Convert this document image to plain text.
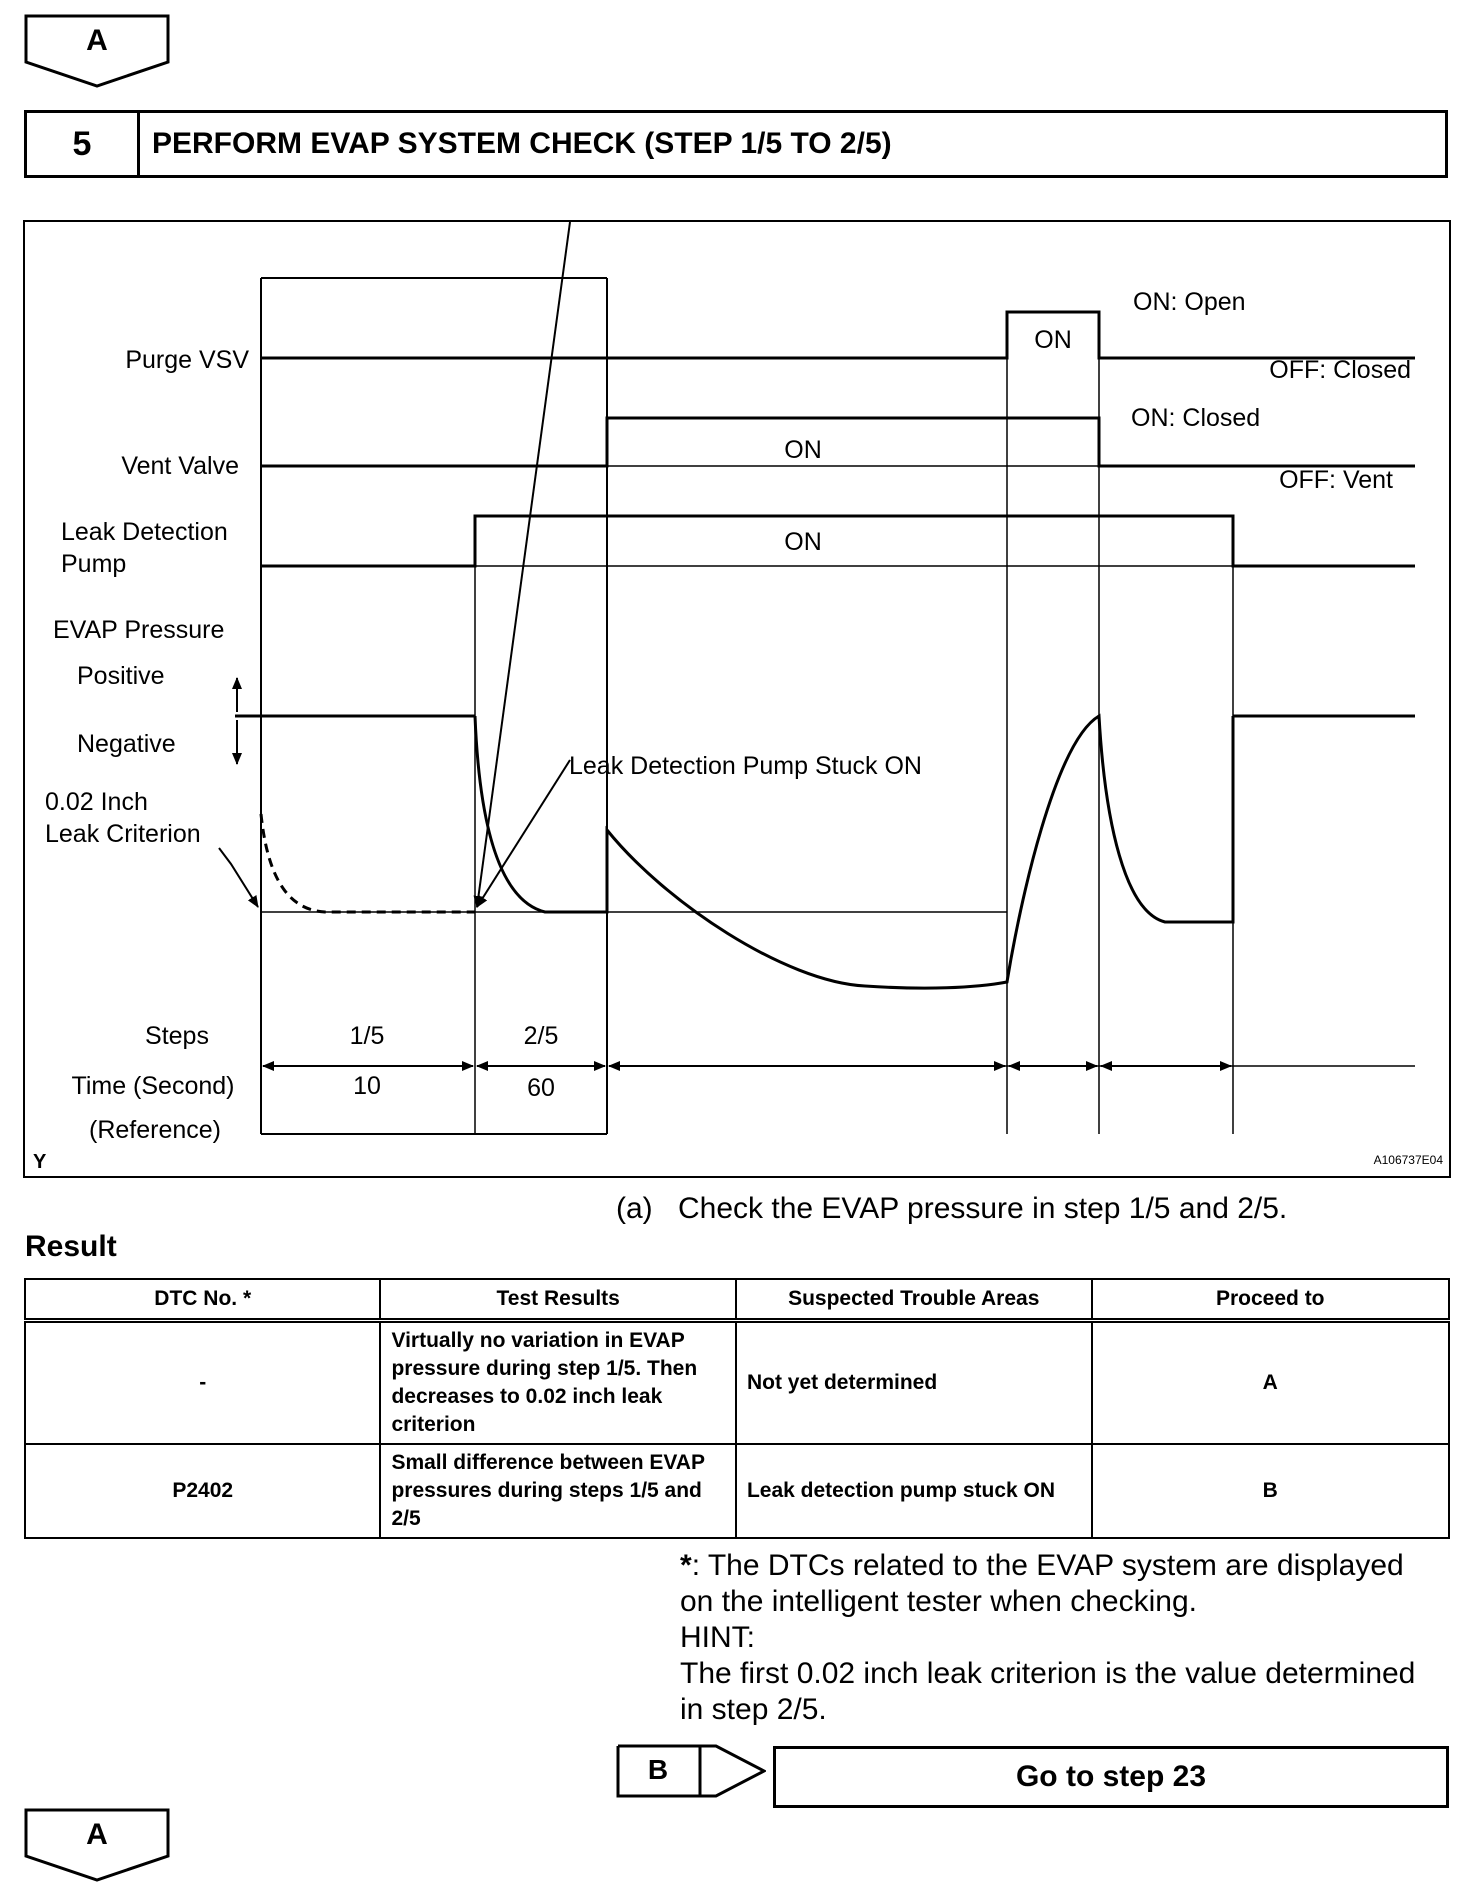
A
5	PERFORM EVAP SYSTEM CHECK (STEP 1/5 TO 2/5)
Purge VSV
Vent Valve
Leak Detection
Pump
EVAP Pressure
Positive
Negative
0.02 Inch
Leak Criterion
Steps
Time (Second)
(Reference)
ON
ON
ON
ON: Open
OFF: Closed
ON: Closed
OFF: Vent
Leak Detection Pump Stuck ON
1/5	2/5
10	60
Y	A106737E04
(a) Check the EVAP pressure in step 1/5 and 2/5.
Result
DTC No. *	Test Results	Suspected Trouble Areas	Proceed to
-	Virtually no variation in EVAP pressure during step 1/5. Then decreases to 0.02 inch leak criterion	Not yet determined	A
P2402	Small difference between EVAP pressures during steps 1/5 and 2/5	Leak detection pump stuck ON	B
*: The DTCs related to the EVAP system are displayed on the intelligent tester when checking.
HINT:
The first 0.02 inch leak criterion is the value determined in step 2/5.
B	Go to step 23
A
